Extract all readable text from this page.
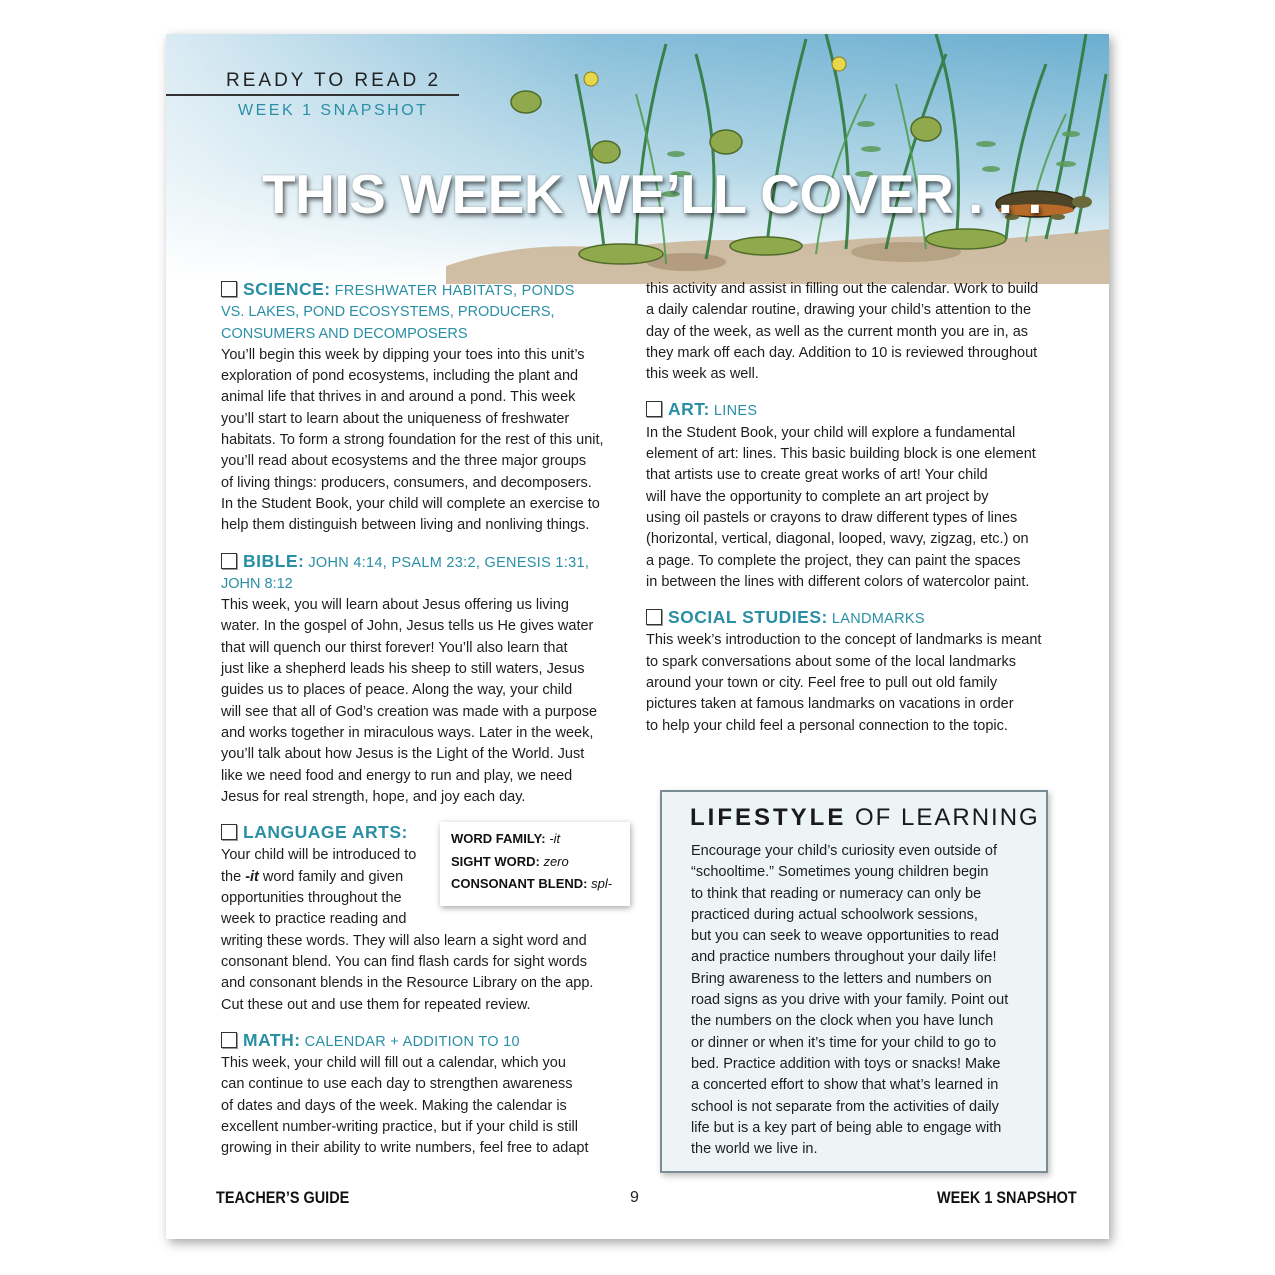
READY TO READ 2
WEEK 1 SNAPSHOT
THIS WEEK WE’LL COVER . . .
SCIENCE: FRESHWATER HABITATS, PONDS
VS. LAKES, POND ECOSYSTEMS, PRODUCERS,
CONSUMERS AND DECOMPOSERS

You’ll begin this week by dipping your toes into this unit’s

exploration of pond ecosystems, including the plant and

animal life that thrives in and around a pond. This week

you’ll start to learn about the uniqueness of freshwater

habitats. To form a strong foundation for the rest of this unit,

you’ll read about ecosystems and the three major groups

of living things: producers, consumers, and decomposers.

In the Student Book, your child will complete an exercise to

help them distinguish between living and nonliving things.

BIBLE: JOHN 4:14, PSALM 23:2, GENESIS 1:31,
JOHN 8:12

This week, you will learn about Jesus offering us living

water. In the gospel of John, Jesus tells us He gives water

that will quench our thirst forever! You’ll also learn that

just like a shepherd leads his sheep to still waters, Jesus

guides us to places of peace. Along the way, your child

will see that all of God’s creation was made with a purpose

and works together in miraculous ways. Later in the week,

you’ll talk about how Jesus is the Light of the World. Just

like we need food and energy to run and play, we need

Jesus for real strength, hope, and joy each day.

LANGUAGE ARTS:

Your child will be introduced to

the -it word family and given

opportunities throughout the

week to practice reading and

writing these words. They will also learn a sight word and

consonant blend. You can find flash cards for sight words

and consonant blends in the Resource Library on the app.

Cut these out and use them for repeated review.

MATH: CALENDAR + ADDITION TO 10

This week, your child will fill out a calendar, which you

can continue to use each day to strengthen awareness

of dates and days of the week. Making the calendar is

excellent number-writing practice, but if your child is still

growing in their ability to write numbers, feel free to adapt

WORD FAMILY: -it
SIGHT WORD: zero
CONSONANT BLEND: spl-

this activity and assist in filling out the calendar. Work to build

a daily calendar routine, drawing your child’s attention to the

day of the week, as well as the current month you are in, as

they mark off each day. Addition to 10 is reviewed throughout

this week as well.

ART: LINES

In the Student Book, your child will explore a fundamental

element of art: lines. This basic building block is one element

that artists use to create great works of art! Your child

will have the opportunity to complete an art project by

using oil pastels or crayons to draw different types of lines

(horizontal, vertical, diagonal, looped, wavy, zigzag, etc.) on

a page. To complete the project, they can paint the spaces

in between the lines with different colors of watercolor paint.

SOCIAL STUDIES: LANDMARKS

This week’s introduction to the concept of landmarks is meant

to spark conversations about some of the local landmarks

around your town or city. Feel free to pull out old family

pictures taken at famous landmarks on vacations in order

to help your child feel a personal connection to the topic.

LIFESTYLE OF LEARNING
Encourage your child’s curiosity even outside of
“schooltime.” Sometimes young children begin
to think that reading or numeracy can only be
practiced during actual schoolwork sessions,
but you can seek to weave opportunities to read
and practice numbers throughout your daily life!
Bring awareness to the letters and numbers on
road signs as you drive with your family. Point out
the numbers on the clock when you have lunch
or dinner or when it’s time for your child to go to
bed. Practice addition with toys or snacks! Make
a concerted effort to show that what’s learned in
school is not separate from the activities of daily
life but is a key part of being able to engage with
the world we live in.
TEACHER’S GUIDE	9	WEEK 1 SNAPSHOT
